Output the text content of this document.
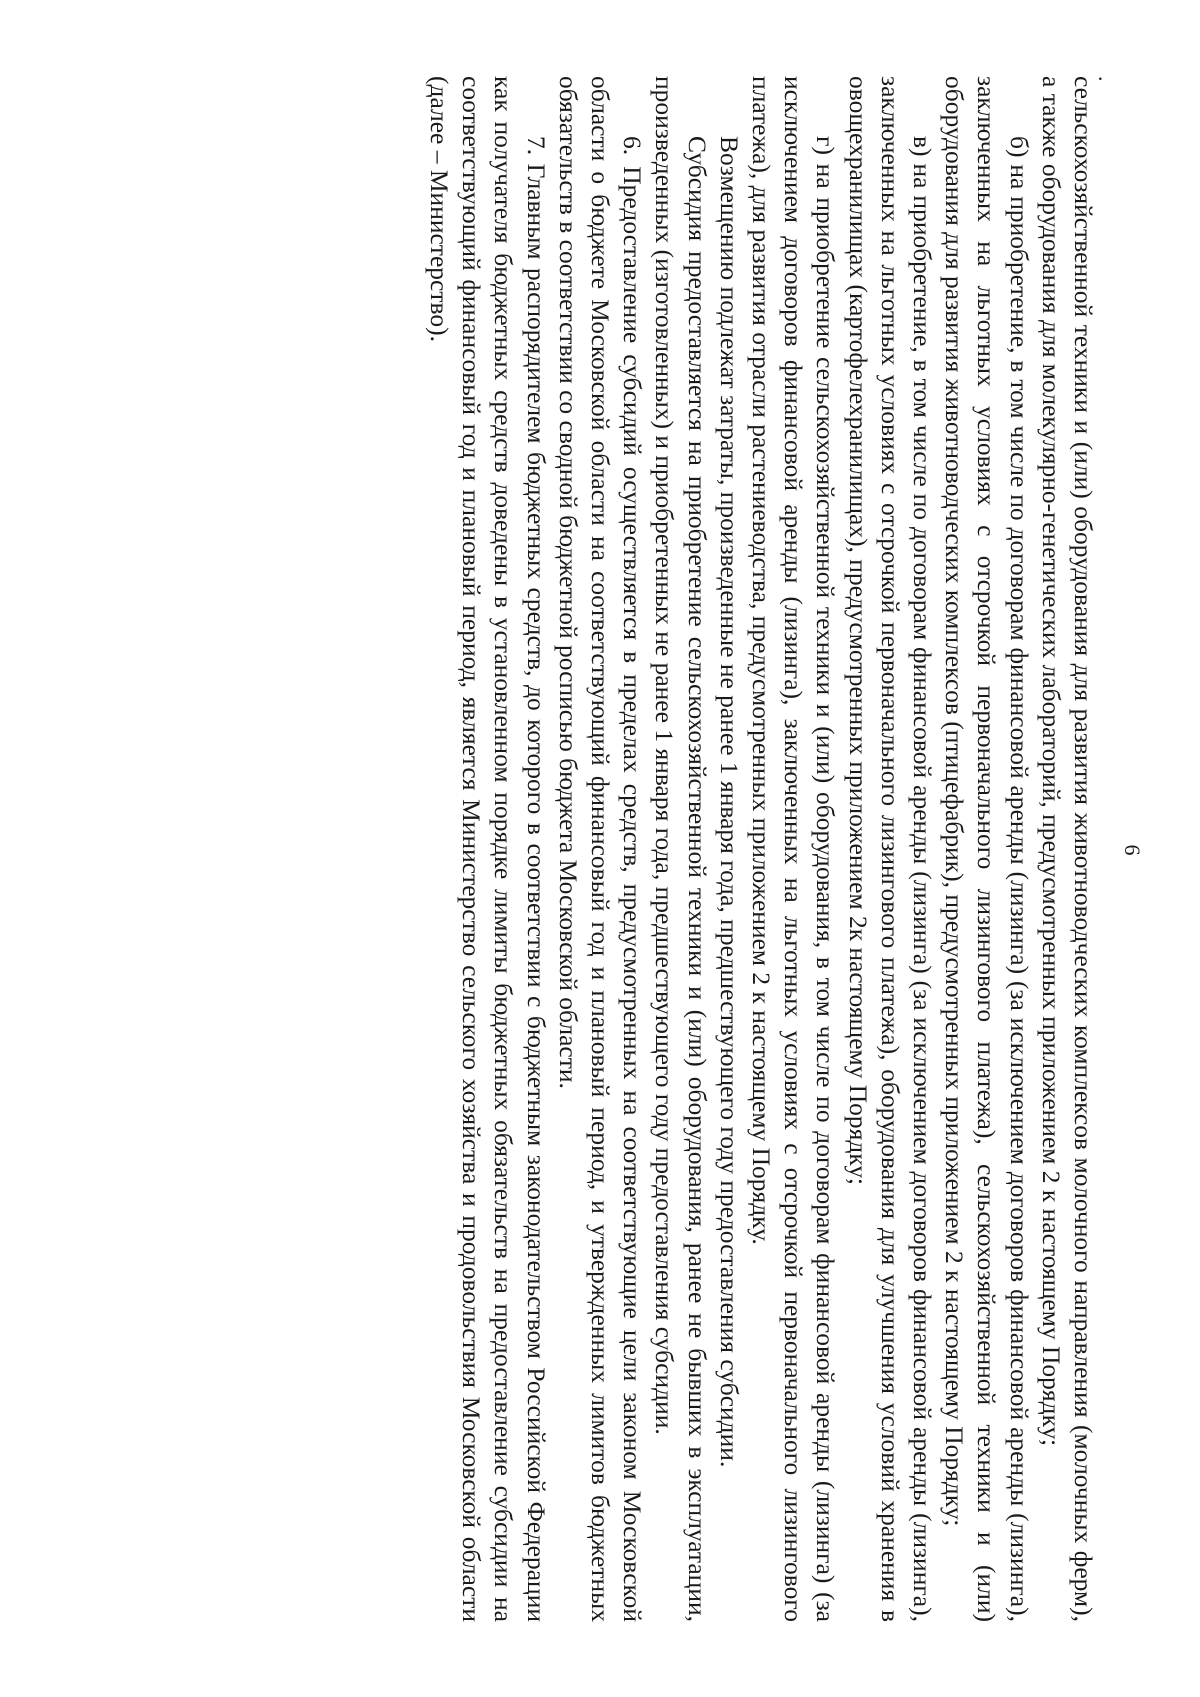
6
.

сельскохозяйственной техники и (или) оборудования для развития животноводческих комплексов молочного направления (молочных ферм), а также оборудования для молекулярно-генетических лабораторий, предусмотренных приложением 2 к настоящему Порядку;

б) на приобретение, в том числе по договорам финансовой аренды (лизинга) (за исключением договоров финансовой аренды (лизинга), заключенных на льготных условиях с отсрочкой первоначального лизингового платежа), сельскохозяйственной техники и (или) оборудования для развития животноводческих комплексов (птицефабрик), предусмотренных приложением 2 к настоящему Порядку;

в) на приобретение, в том числе по договорам финансовой аренды (лизинга) (за исключением договоров финансовой аренды (лизинга), заключенных на льготных условиях с отсрочкой первоначального лизингового платежа), оборудования для улучшения условий хранения в овощехранилищах (картофелехранилищах), предусмотренных приложением 2к настоящему Порядку;

г) на приобретение сельскохозяйственной техники и (или) оборудования, в том числе по договорам финансовой аренды (лизинга) (за исключением договоров финансовой аренды (лизинга), заключенных на льготных условиях с отсрочкой первоначального лизингового платежа), для развития отрасли растениеводства, предусмотренных приложением 2 к настоящему Порядку.

Возмещению подлежат затраты, произведенные не ранее 1 января года, предшествующего году предоставления субсидии.

Субсидия предоставляется на приобретение сельскохозяйственной техники и (или) оборудования, ранее не бывших в эксплуатации, произведенных (изготовленных) и приобретенных не ранее 1 января года, предшествующего году предоставления субсидии.

6. Предоставление субсидий осуществляется в пределах средств, предусмотренных на соответствующие цели законом Московской области о бюджете Московской области на соответствующий финансовый год и плановый период, и утвержденных лимитов бюджетных обязательств в соответствии со сводной бюджетной росписью бюджета Московской области.

7. Главным распорядителем бюджетных средств, до которого в соответствии с бюджетным законодательством Российской Федерации как получателя бюджетных средств доведены в установленном порядке лимиты бюджетных обязательств на предоставление субсидии на соответствующий финансовый год и плановый период, является Министерство сельского хозяйства и продовольствия Московской области (далее – Министерство).
